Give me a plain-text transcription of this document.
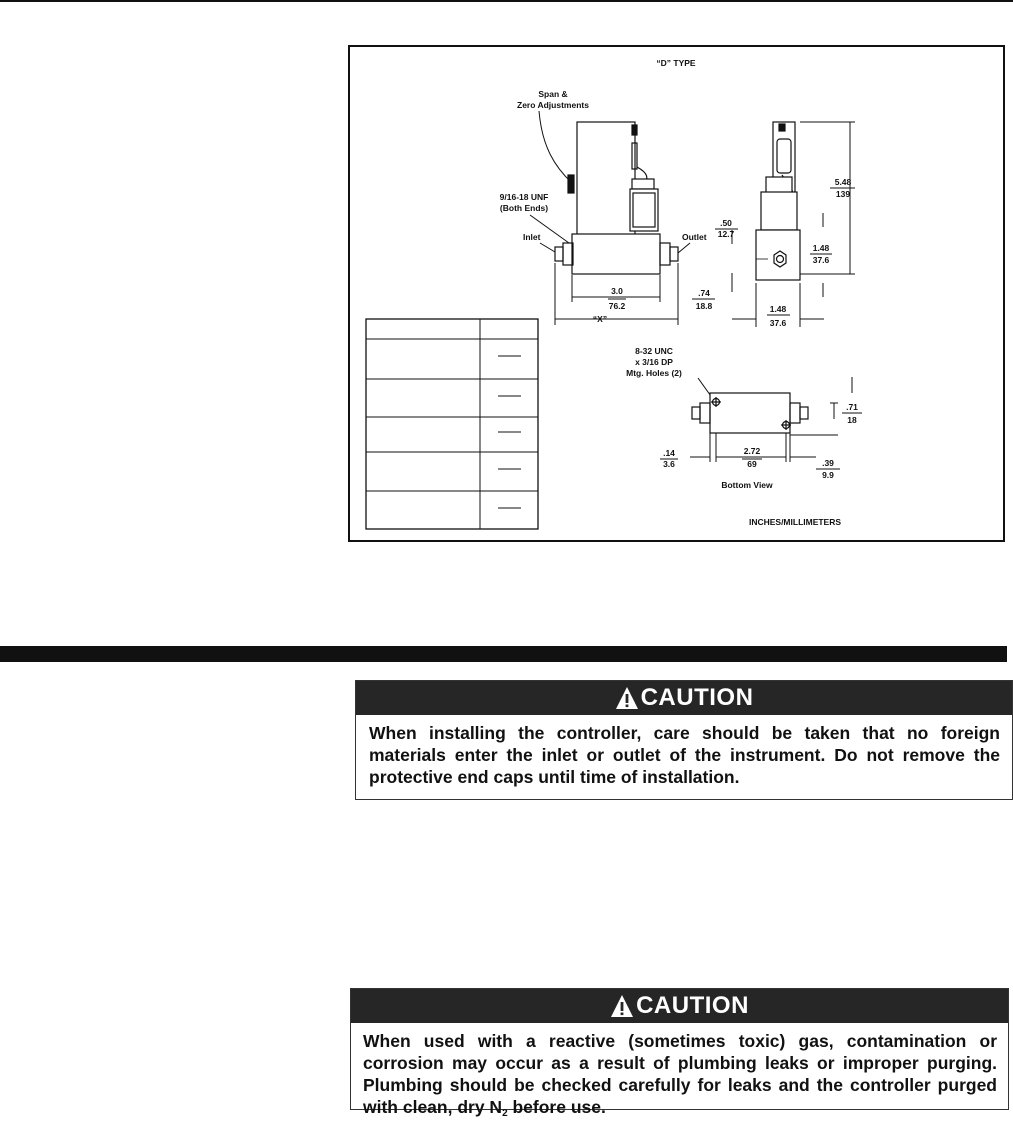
“D” TYPE
Span &
Zero Adjustments
9/16-18 UNF
(Both Ends)
Inlet	Outlet
3.0
76.2
“X”
5.48
139
1.48
37.6
.50
12.7
.74
18.8	1.48
37.6
8-32 UNC
x 3/16 DP
Mtg. Holes (2)
.71
18
2.72
69
.14
3.6	.39
9.9
Bottom View
INCHES/MILLIMETERS
CAUTION
When installing the controller, care should be taken that no foreign materials enter the inlet or outlet of the instrument. Do not remove the protective end caps until time of installation.
CAUTION
When used with a reactive (sometimes toxic) gas, contamination or corrosion may occur as a result of plumbing leaks or improper purging. Plumbing should be checked carefully for leaks and the controller purged with clean, dry $N_2$ before use.
